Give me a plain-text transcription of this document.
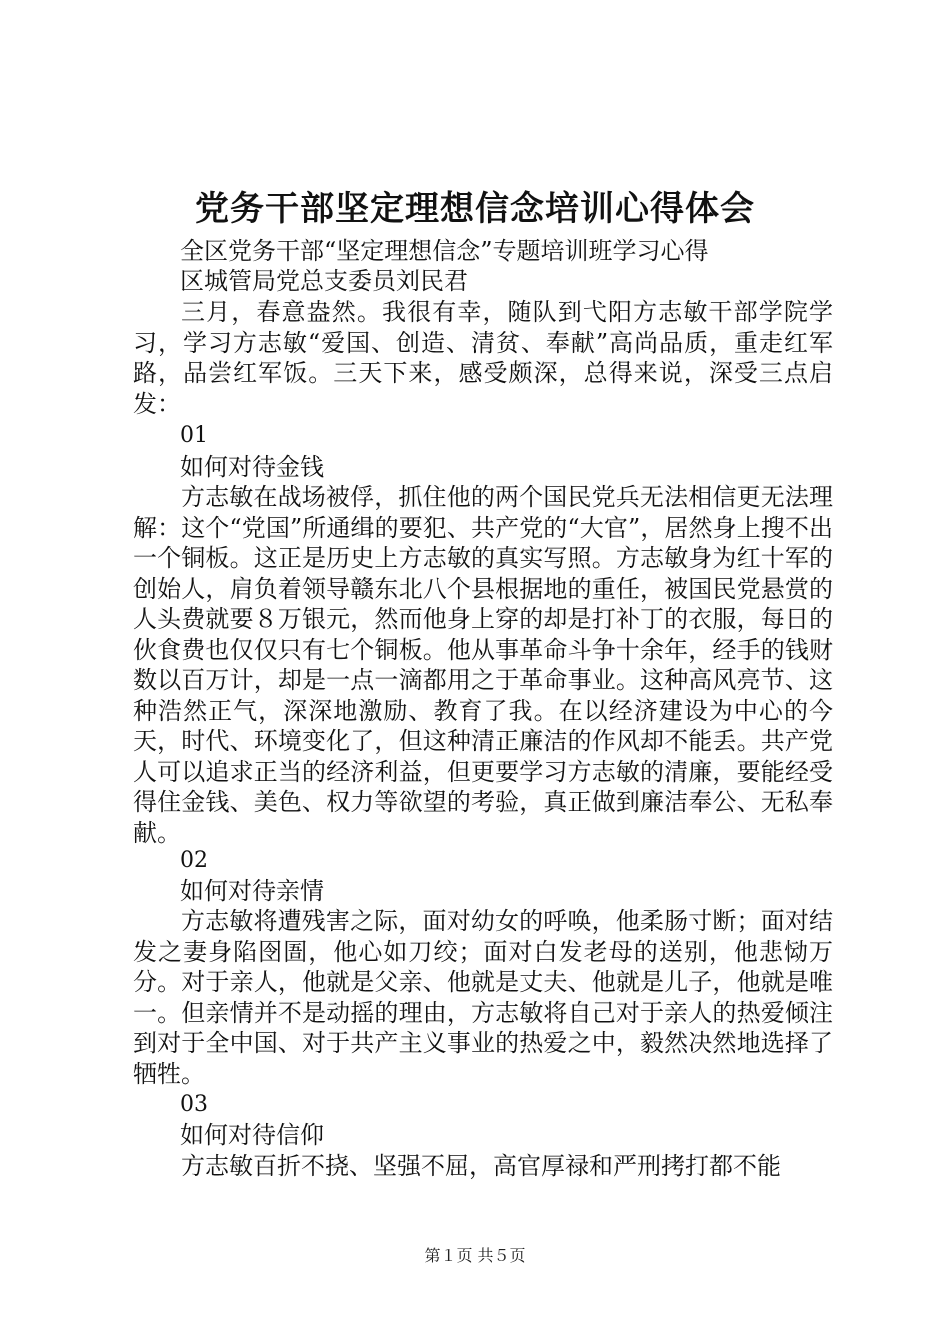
党务干部坚定理想信念培训心得体会
全区党务干部“坚定理想信念”专题培训班学习心得
区城管局党总支委员刘民君
三月，春意盎然。我很有幸，随队到弋阳方志敏干部学院学习，学习方志敏“爱国、创造、清贫、奉献”高尚品质，重走红军路，品尝红军饭。三天下来，感受颇深，总得来说，深受三点启发：
01
如何对待金钱
方志敏在战场被俘，抓住他的两个国民党兵无法相信更无法理解：这个“党国”所通缉的要犯、共产党的“大官”，居然身上搜不出一个铜板。这正是历史上方志敏的真实写照。方志敏身为红十军的创始人，肩负着领导赣东北八个县根据地的重任，被国民党悬赏的人头费就要８万银元，然而他身上穿的却是打补丁的衣服，每日的伙食费也仅仅只有七个铜板。他从事革命斗争十余年，经手的钱财数以百万计，却是一点一滴都用之于革命事业。这种高风亮节、这种浩然正气，深深地激励、教育了我。在以经济建设为中心的今天，时代、环境变化了，但这种清正廉洁的作风却不能丢。共产党人可以追求正当的经济利益，但更要学习方志敏的清廉，要能经受得住金钱、美色、权力等欲望的考验，真正做到廉洁奉公、无私奉献。
02
如何对待亲情
方志敏将遭残害之际，面对幼女的呼唤，他柔肠寸断；面对结发之妻身陷囹圄，他心如刀绞；面对白发老母的送别，他悲恸万分。对于亲人，他就是父亲、他就是丈夫、他就是儿子，他就是唯一。但亲情并不是动摇的理由，方志敏将自己对于亲人的热爱倾注到对于全中国、对于共产主义事业的热爱之中，毅然决然地选择了牺牲。
03
如何对待信仰
方志敏百折不挠、坚强不屈，高官厚禄和严刑拷打都不能
第１页 共５页
